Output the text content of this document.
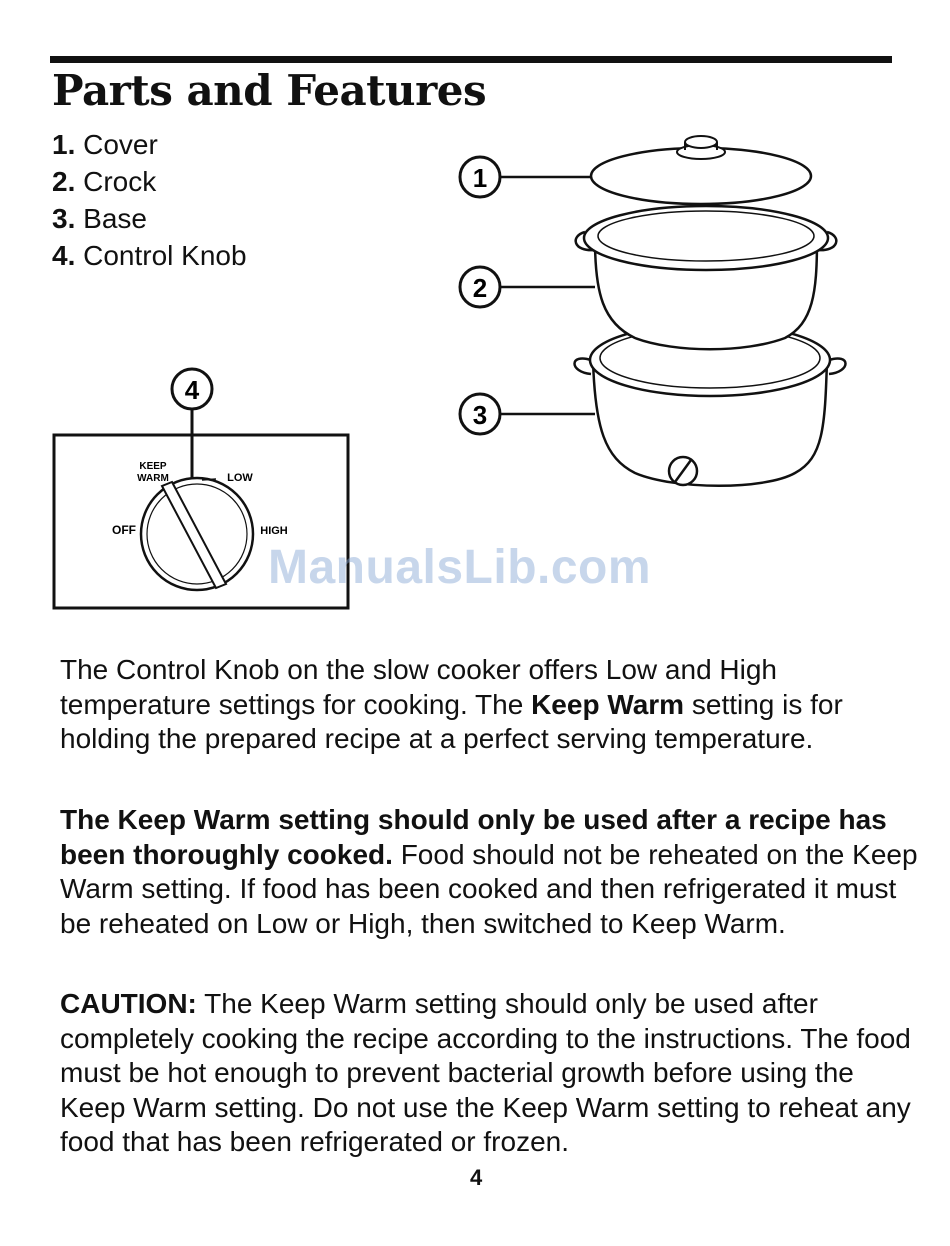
Parts and Features
1. Cover
2. Crock
3. Base
4. Control Knob
4
KEEP
WARM	LOW
OFF	HIGH
1
2
3
ManualsLib.com

The Control Knob on the slow cooker offers Low and High temperature settings for cooking. The Keep Warm setting is for holding the prepared recipe at a perfect serving temperature.

The Keep Warm setting should only be used after a recipe has been thoroughly cooked. Food should not be reheated on the Keep Warm setting. If food has been cooked and then refrigerated it must be reheated on Low or High, then switched to Keep Warm.

CAUTION: The Keep Warm setting should only be used after completely cooking the recipe according to the instructions. The food must be hot enough to prevent bacterial growth before using the Keep Warm setting. Do not use the Keep Warm setting to reheat any food that has been refrigerated or frozen.

4
